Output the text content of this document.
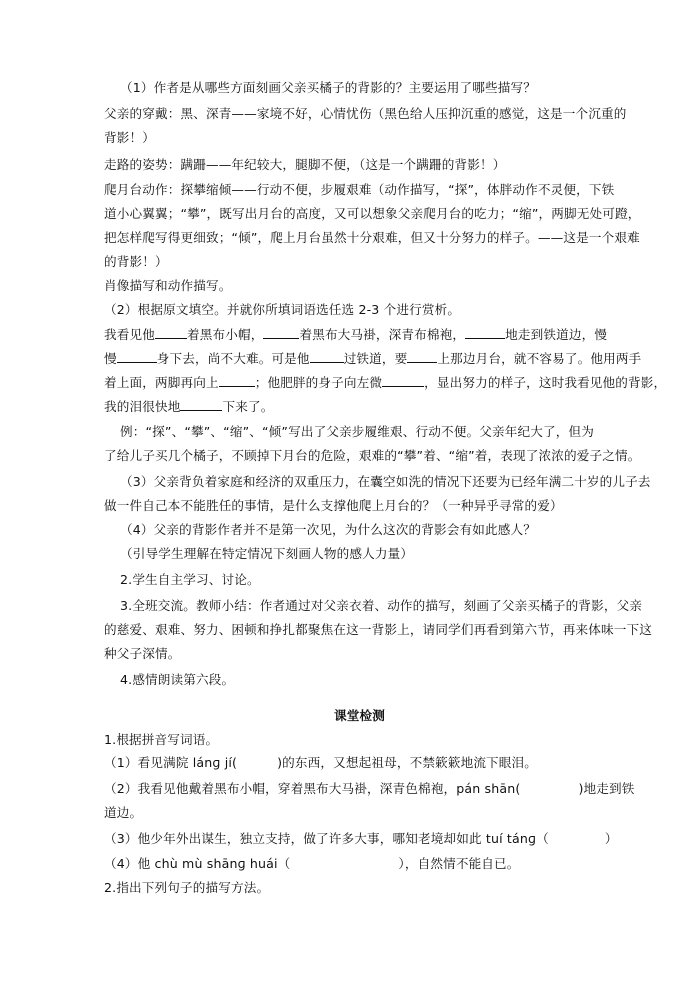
（1）作者是从哪些方面刻画父亲买橘子的背影的？主要运用了哪些描写？

父亲的穿戴：黑、深青——家境不好，心情忧伤（黑色给人压抑沉重的感觉，这是一个沉重的

背影！）

走路的姿势：蹒跚——年纪较大，腿脚不便，（这是一个蹒跚的背影！）

爬月台动作：探攀缩倾——行动不便，步履艰难（动作描写，“探”，体胖动作不灵便，下铁

道小心翼翼；“攀”，既写出月台的高度，又可以想象父亲爬月台的吃力；“缩”，两脚无处可蹬，

把怎样爬写得更细致；“倾”，爬上月台虽然十分艰难，但又十分努力的样子。——这是一个艰难

的背影！）

肖像描写和动作描写。

（2）根据原文填空。并就你所填词语选任选 2-3 个进行赏析。

我看见他	着黑布小帽，	着黑布大马褂，深青布棉袍，	地走到铁道边，慢

慢	身下去，尚不大难。可是他	过铁道，要 上那边月台，就不容易了。他用两手

着上面，两脚再向上	；他肥胖的身子向左微	，显出努力的样子，这时我看见他的背影，

我的泪很快地	下来了。

例：“探”、“攀”、“缩”、“倾”写出了父亲步履维艰、行动不便。父亲年纪大了，但为

了给儿子买几个橘子，不顾掉下月台的危险，艰难的“攀”着、“缩”着，表现了浓浓的爱子之情。

（3）父亲背负着家庭和经济的双重压力，在囊空如洗的情况下还要为已经年满二十岁的儿子去

做一件自己本不能胜任的事情，是什么支撑他爬上月台的？（一种异乎寻常的爱）

（4）父亲的背影作者并不是第一次见，为什么这次的背影会有如此感人？

（引导学生理解在特定情况下刻画人物的感人力量）

2.学生自主学习、讨论。

3.全班交流。教师小结：作者通过对父亲衣着、动作的描写，刻画了父亲买橘子的背影，父亲

的慈爱、艰难、努力、困顿和挣扎都聚焦在这一背影上，请同学们再看到第六节，再来体味一下这

种父子深情。

4.感情朗读第六段。

课堂检测

1.根据拼音写词语。

（1）看见满院 lánɡ jí(	)的东西，又想起祖母，不禁簌簌地流下眼泪。

（2）我看见他戴着黑布小帽，穿着黑布大马褂，深青色棉袍，pán shān(	)地走到铁

道边。

（3）他少年外出谋生，独立支持，做了许多大事，哪知老境却如此 tuí tánɡ（	）

（4）他 chù mù shānɡ huái（	），自然情不能自已。

2.指出下列句子的描写方法。
